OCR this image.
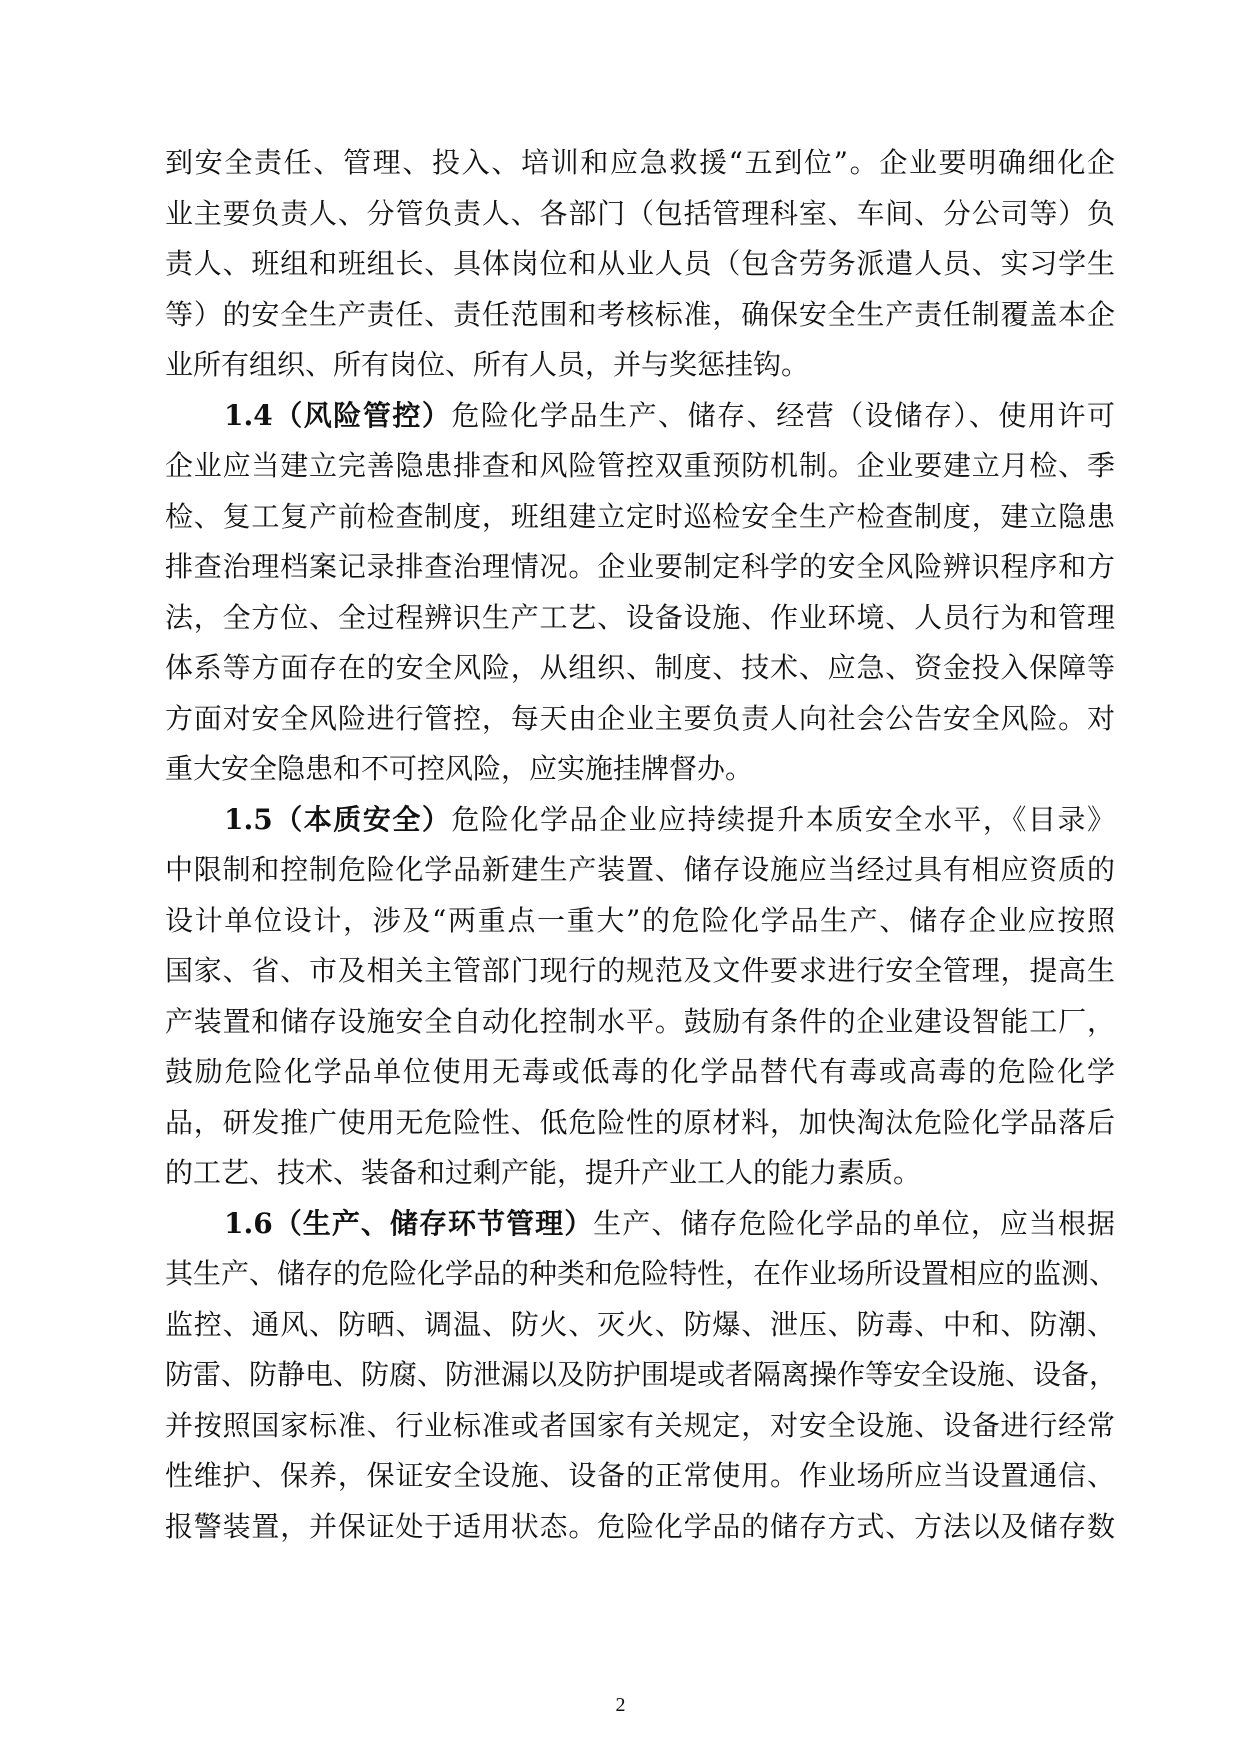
到安全责任、管理、投入、培训和应急救援“五到位”。企业要明确细化企
业主要负责人、分管负责人、各部门（包括管理科室、车间、分公司等）负
责人、班组和班组长、具体岗位和从业人员（包含劳务派遣人员、实习学生
等）的安全生产责任、责任范围和考核标准，确保安全生产责任制覆盖本企
业所有组织、所有岗位、所有人员，并与奖惩挂钩。
1.4（风险管控）危险化学品生产、储存、经营（设储存）、使用许可
企业应当建立完善隐患排查和风险管控双重预防机制。企业要建立月检、季
检、复工复产前检查制度，班组建立定时巡检安全生产检查制度，建立隐患
排查治理档案记录排查治理情况。企业要制定科学的安全风险辨识程序和方
法，全方位、全过程辨识生产工艺、设备设施、作业环境、人员行为和管理
体系等方面存在的安全风险，从组织、制度、技术、应急、资金投入保障等
方面对安全风险进行管控，每天由企业主要负责人向社会公告安全风险。对
重大安全隐患和不可控风险，应实施挂牌督办。
1.5（本质安全）危险化学品企业应持续提升本质安全水平，《目录》
中限制和控制危险化学品新建生产装置、储存设施应当经过具有相应资质的
设计单位设计，涉及“两重点一重大”的危险化学品生产、储存企业应按照
国家、省、市及相关主管部门现行的规范及文件要求进行安全管理，提高生
产装置和储存设施安全自动化控制水平。鼓励有条件的企业建设智能工厂，
鼓励危险化学品单位使用无毒或低毒的化学品替代有毒或高毒的危险化学
品，研发推广使用无危险性、低危险性的原材料，加快淘汰危险化学品落后
的工艺、技术、装备和过剩产能，提升产业工人的能力素质。
1.6（生产、储存环节管理）生产、储存危险化学品的单位，应当根据
其生产、储存的危险化学品的种类和危险特性，在作业场所设置相应的监测、
监控、通风、防晒、调温、防火、灭火、防爆、泄压、防毒、中和、防潮、
防雷、防静电、防腐、防泄漏以及防护围堤或者隔离操作等安全设施、设备，
并按照国家标准、行业标准或者国家有关规定，对安全设施、设备进行经常
性维护、保养，保证安全设施、设备的正常使用。作业场所应当设置通信、
报警装置，并保证处于适用状态。危险化学品的储存方式、方法以及储存数
2
